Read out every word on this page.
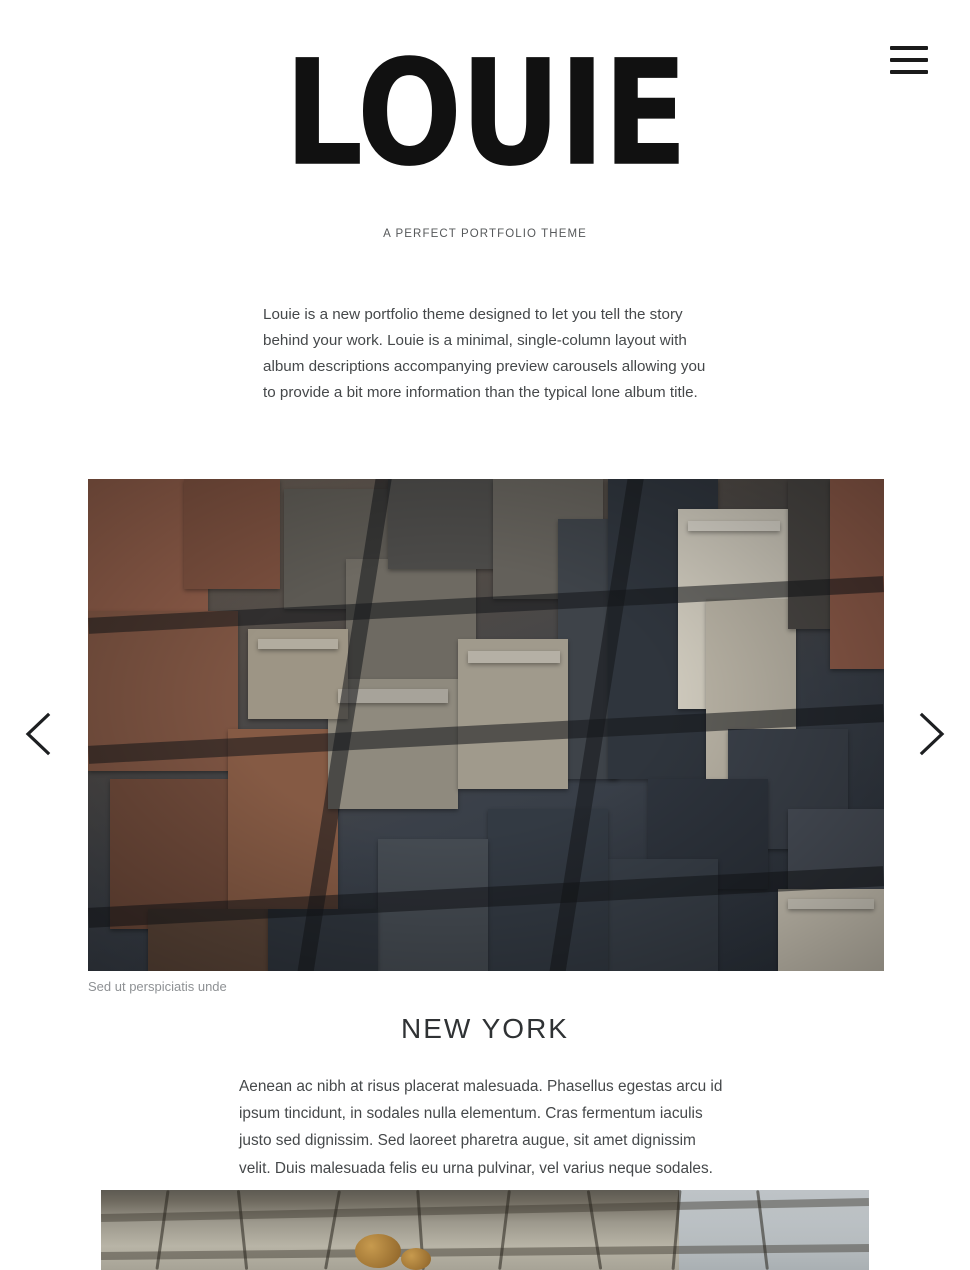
LOUIE

A PERFECT PORTFOLIO THEME

Louie is a new portfolio theme designed to let you tell the story behind your work. Louie is a minimal, single-column layout with album descriptions accompanying preview carousels allowing you to provide a bit more information than the typical lone album title.
Sed ut perspiciatis unde
NEW YORK

Aenean ac nibh at risus placerat malesuada. Phasellus egestas arcu id ipsum tincidunt, in sodales nulla elementum. Cras fermentum iaculis justo sed dignissim. Sed laoreet pharetra augue, sit amet dignissim velit. Duis malesuada felis eu urna pulvinar, vel varius neque sodales.
